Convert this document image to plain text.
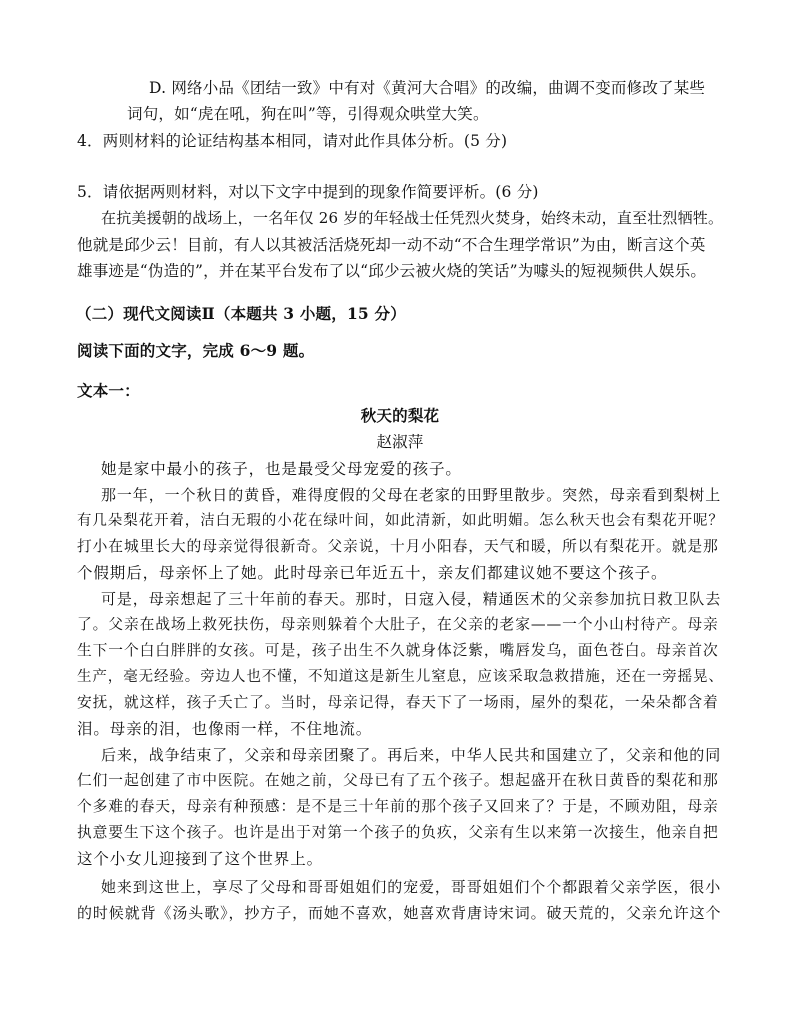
D. 网络小品《团结一致》中有对《黄河大合唱》的改编，曲调不变而修改了某些
词句，如“虎在吼，狗在叫”等，引得观众哄堂大笑。
4．两则材料的论证结构基本相同，请对此作具体分析。(5 分)
5．请依据两则材料，对以下文字中提到的现象作简要评析。(6 分)
在抗美援朝的战场上，一名年仅 26 岁的年轻战士任凭烈火焚身，始终未动，直至壮烈牺牲。
他就是邱少云！目前，有人以其被活活烧死却一动不动“不合生理学常识”为由，断言这个英
雄事迹是“伪造的”，并在某平台发布了以“邱少云被火烧的笑话”为噱头的短视频供人娱乐。
（二）现代文阅读Ⅱ（本题共 3 小题，15 分）
阅读下面的文字，完成 6～9 题。
文本一：
秋天的梨花
赵淑萍
她是家中最小的孩子，也是最受父母宠爱的孩子。
那一年，一个秋日的黄昏，难得度假的父母在老家的田野里散步。突然，母亲看到梨树上
有几朵梨花开着，洁白无瑕的小花在绿叶间，如此清新，如此明媚。怎么秋天也会有梨花开呢？
打小在城里长大的母亲觉得很新奇。父亲说，十月小阳春，天气和暖，所以有梨花开。就是那
个假期后，母亲怀上了她。此时母亲已年近五十，亲友们都建议她不要这个孩子。
可是，母亲想起了三十年前的春天。那时，日寇入侵，精通医术的父亲参加抗日救卫队去
了。父亲在战场上救死扶伤，母亲则躲着个大肚子，在父亲的老家——一个小山村待产。母亲
生下一个白白胖胖的女孩。可是，孩子出生不久就身体泛紫，嘴唇发乌，面色苍白。母亲首次
生产，毫无经验。旁边人也不懂，不知道这是新生儿窒息，应该采取急救措施，还在一旁摇晃、
安抚，就这样，孩子夭亡了。当时，母亲记得，春天下了一场雨，屋外的梨花，一朵朵都含着
泪。母亲的泪，也像雨一样，不住地流。
后来，战争结束了，父亲和母亲团聚了。再后来，中华人民共和国建立了，父亲和他的同
仁们一起创建了市中医院。在她之前，父母已有了五个孩子。想起盛开在秋日黄昏的梨花和那
个多难的春天，母亲有种预感：是不是三十年前的那个孩子又回来了？于是，不顾劝阻，母亲
执意要生下这个孩子。也许是出于对第一个孩子的负疚，父亲有生以来第一次接生，他亲自把
这个小女儿迎接到了这个世界上。
她来到这世上，享尽了父母和哥哥姐姐们的宠爱，哥哥姐姐们个个都跟着父亲学医，很小
的时候就背《汤头歌》，抄方子，而她不喜欢，她喜欢背唐诗宋词。破天荒的，父亲允许这个
